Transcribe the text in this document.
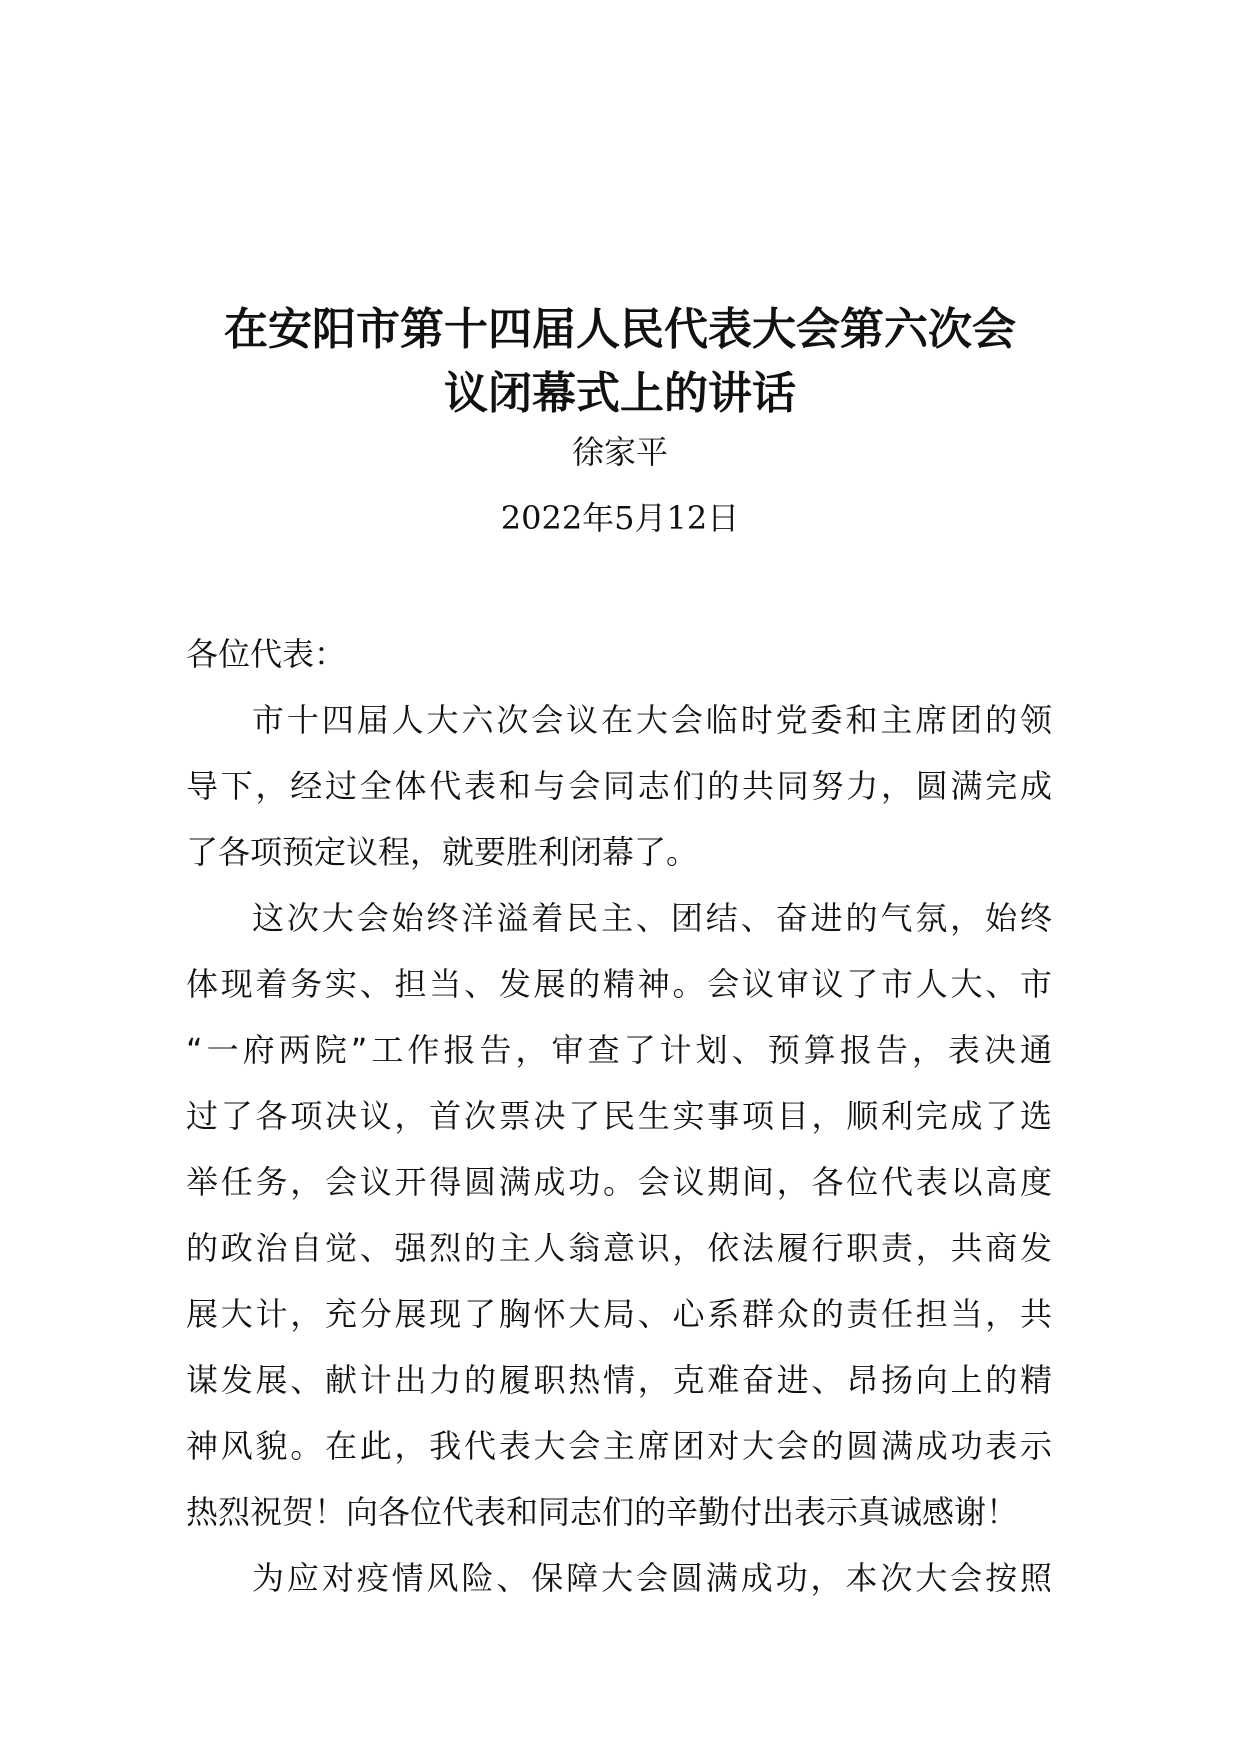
在安阳市第十四届人民代表大会第六次会
议闭幕式上的讲话
徐家平
2022年5月12日
各位代表：
市十四届人大六次会议在大会临时党委和主席团的领
导下，经过全体代表和与会同志们的共同努力，圆满完成
了各项预定议程，就要胜利闭幕了。
这次大会始终洋溢着民主、团结、奋进的气氛，始终
体现着务实、担当、发展的精神。会议审议了市人大、市
“一府两院”工作报告，审查了计划、预算报告，表决通
过了各项决议，首次票决了民生实事项目，顺利完成了选
举任务，会议开得圆满成功。会议期间，各位代表以高度
的政治自觉、强烈的主人翁意识，依法履行职责，共商发
展大计，充分展现了胸怀大局、心系群众的责任担当，共
谋发展、献计出力的履职热情，克难奋进、昂扬向上的精
神风貌。在此，我代表大会主席团对大会的圆满成功表示
热烈祝贺！向各位代表和同志们的辛勤付出表示真诚感谢！
为应对疫情风险、保障大会圆满成功，本次大会按照
